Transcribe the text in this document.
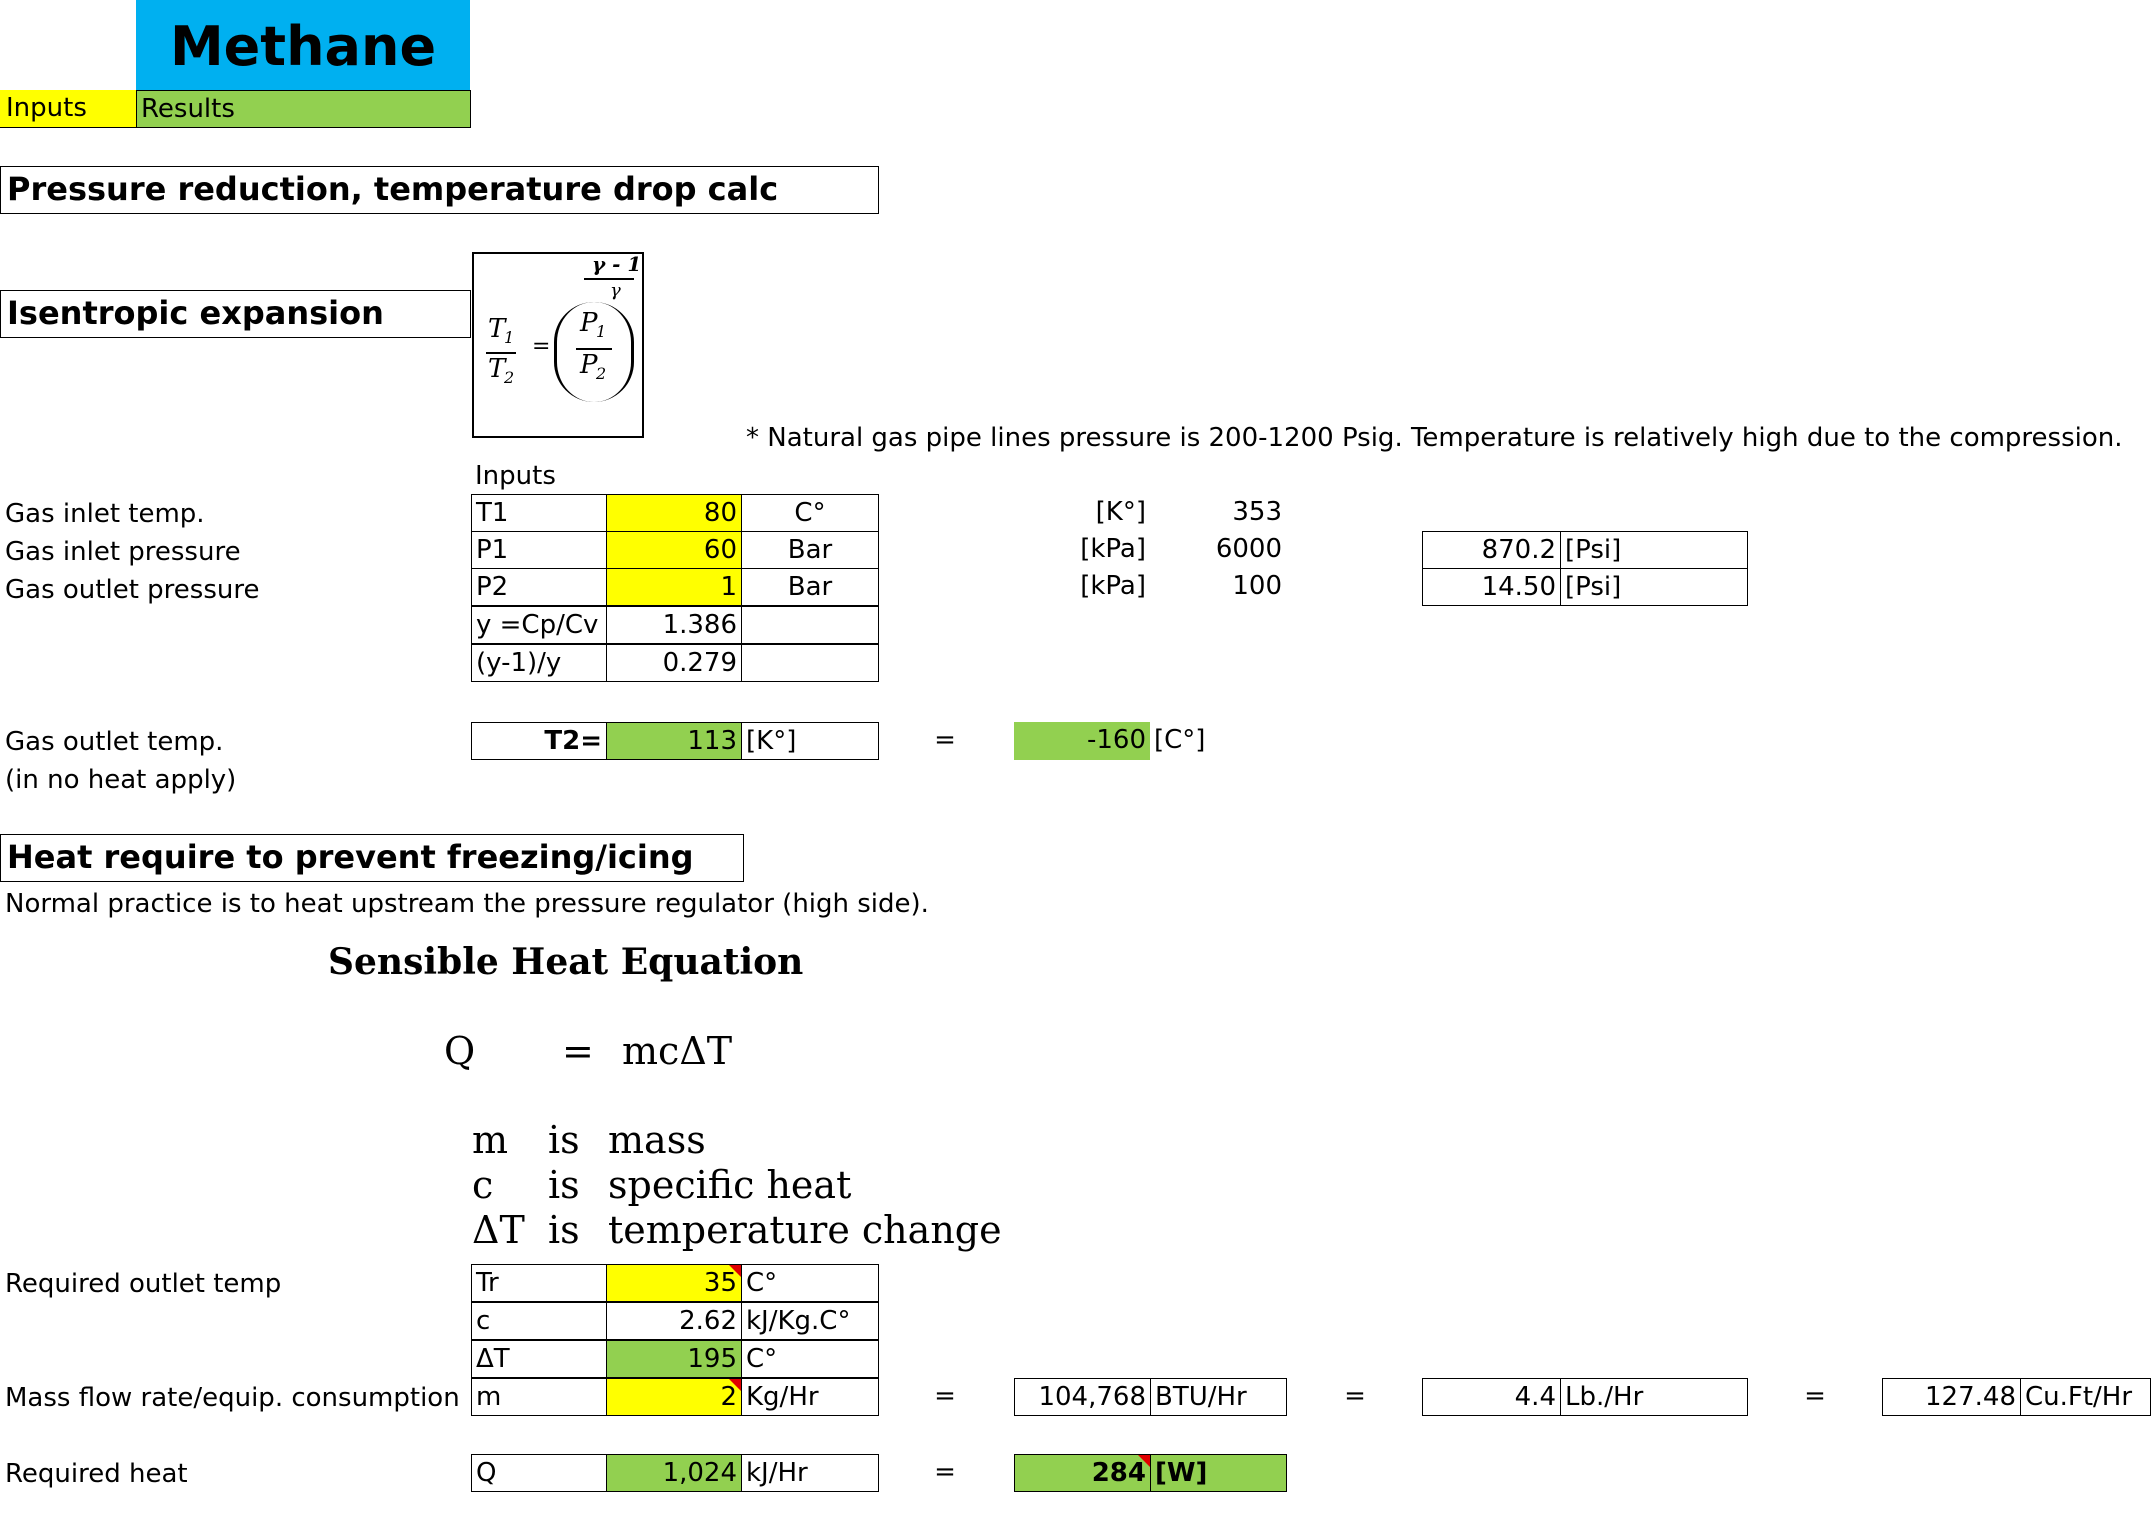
Methane
Inputs	Results
Pressure reduction, temperature drop calc
Isentropic expansion
γ - 1
γ
T
1
T
2
=
P
1
P
2
* Natural gas pipe lines pressure is 200-1200 Psig. Temperature is relatively high due to the compression.
Inputs
Gas inlet temp.
Gas inlet pressure
Gas outlet pressure
T1	80	C°	[K°]	353
P1	60	Bar	[kPa]	6000	870.2 [Psi]
P2	1	Bar	[kPa]	100	14.50 [Psi]
y =Cp/Cv	1.386
(y-1)/y	0.279
Gas outlet temp.
(in no heat apply)
T2=	113 [K°]	=	-160 [C°]
Heat require to prevent freezing/icing
Normal practice is to heat upstream the pressure regulator (high side).
Sensible Heat Equation
Q = mcΔT
m	is mass
c	is specific heat
ΔT is temperature change
Required outlet temp	Tr	35 C°
c	2.62 kJ/Kg.C°
ΔT	195 C°
Mass flow rate/equip. consumption m	2 Kg/Hr	=	104,768 BTU/Hr	=	4.4 Lb./Hr	=	127.48 Cu.Ft/Hr
Required heat	Q	1,024 kJ/Hr	=	284 [W]
